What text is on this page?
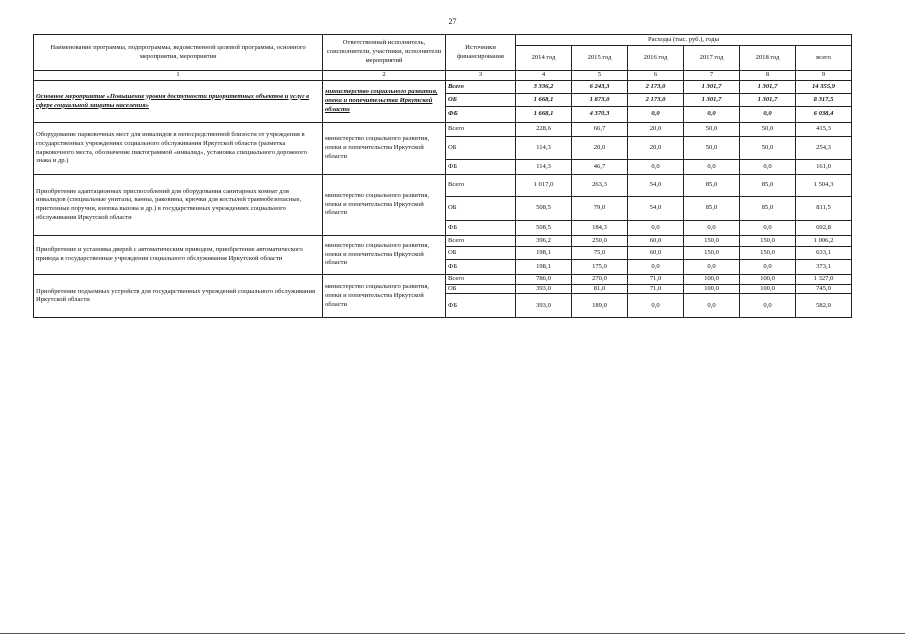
27
Наименование программы, подпрограммы, ведомственной целевой программы, основного мероприятия, мероприятия	Ответственный исполнитель, соисполнители, участники, исполнители мероприятий	Источники финансирования	Расходы (тыс. руб.), годы					
			2014 год	2015 год	2016 год	2017 год	2018 год	всего
1	2	3	4	5	6	7	8	9
Основное мероприятие «Повышение уровня доступности приоритетных объектов и услуг в сфере социальной защиты населения»	министерство социального развития, опеки и попечительства Иркутской области	Всего	3 336,2	6 243,3	2 173,0	1 301,7	1 301,7	14 355,9
		ОБ	1 668,1	1 873,0	2 173,0	1 301,7	1 301,7	8 317,5
		ФБ	1 668,1	4 370,3	0,0	0,0	0,0	6 038,4
Оборудование парковочных мест для инвалидов в непосредственной близости от учреждения в государственных учреждениях социального обслуживания Иркутской области (разметка парковочного места, обозначение пиктограммой «инвалид», установка специального дорожного знака и др.)	министерство социального развития, опеки и попечительства Иркутской области	Всего	228,6	66,7	20,0	50,0	50,0	415,3
		ОБ	114,3	20,0	20,0	50,0	50,0	254,3
		ФБ	114,3	46,7	0,0	0,0	0,0	161,0
Приобретение адаптационных приспособлений для оборудования санитарных комнат для инвалидов (специальные унитазы, ванны, раковины, крючки для костылей травмобезопасные, пристенные поручни, кнопка вызова и др.) в государственных учреждениях социального обслуживания Иркутской области	министерство социального развития, опеки и попечительства Иркутской области	Всего	1 017,0	263,3	54,0	85,0	85,0	1 504,3
		ОБ	508,5	79,0	54,0	85,0	85,0	811,5
		ФБ	508,5	184,3	0,0	0,0	0,0	692,8
Приобретение и установка дверей с автоматическим приводом, приобретение автоматического привода в государственные учреждения социального обслуживания Иркутской области	министерство социального развития, опеки и попечительства Иркутской области	Всего	396,2	250,0	60,0	150,0	150,0	1 006,2
		ОБ	198,1	75,0	60,0	150,0	150,0	633,1
		ФБ	198,1	175,0	0,0	0,0	0,0	373,1
Приобретение подъемных устройств для государственных учреждений социального обслуживания Иркутской области	министерство социального развития, опеки и попечительства Иркутской области	Всего	786,0	270,0	71,0	100,0	100,0	1 327,0
		ОБ	393,0	81,0	71,0	100,0	100,0	745,0
		ФБ	393,0	189,0	0,0	0,0	0,0	582,0
